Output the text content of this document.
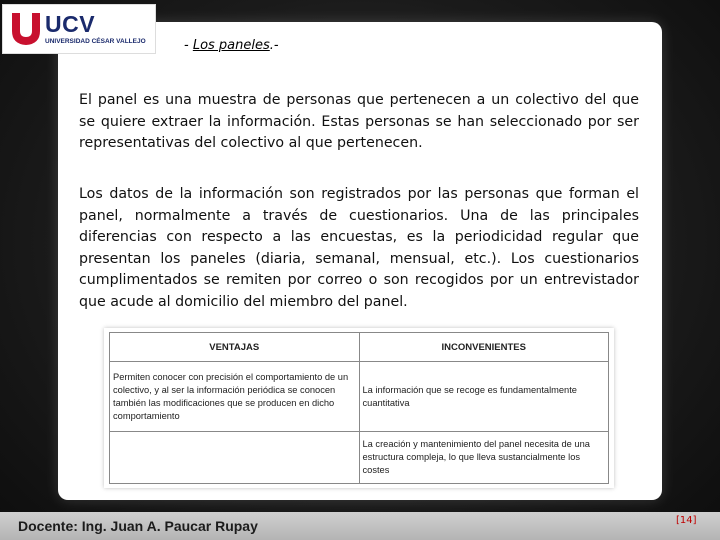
UCV
UNIVERSIDAD CÉSAR VALLEJO	- Los paneles.-

El panel es una muestra de personas que pertenecen a un colectivo del que se quiere extraer la información. Estas personas se han seleccionado por ser representativas del colectivo al que pertenecen.

Los datos de la información son registrados por las personas que forman el panel, normalmente a través de cuestionarios. Una de las principales diferencias con respecto a las encuestas, es la periodicidad regular que presentan los paneles (diaria, semanal, mensual, etc.). Los cuestionarios cumplimentados se remiten por correo o son recogidos por un entrevistador que acude al domicilio del miembro del panel.

VENTAJAS	INCONVENIENTES
Permiten conocer con precisión el comportamiento de un colectivo, y al ser la información periódica se conocen también las modificaciones que se producen en dicho comportamiento	La información que se recoge es fundamentalmente cuantitativa
	La creación y mantenimiento del panel necesita de una estructura compleja, lo que lleva sustancialmente los costes
Docente: Ing. Juan A. Paucar Rupay	[14]
